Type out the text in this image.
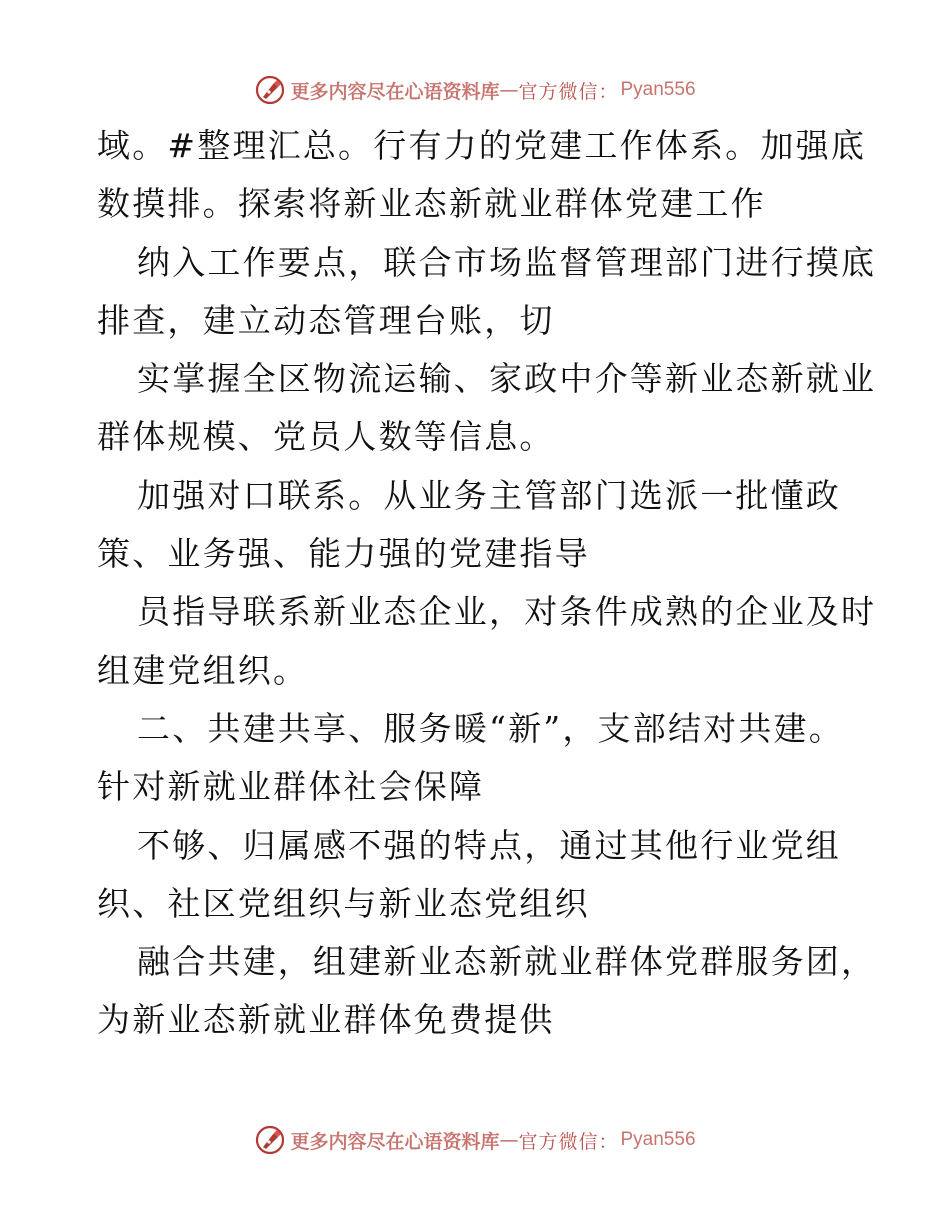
更多内容尽在心语资料库 — 官方微信： Pyan556
域。#整理汇总。行有力的党建工作体系。加强底
数摸排。探索将新业态新就业群体党建工作
纳入工作要点，联合市场监督管理部门进行摸底
排查，建立动态管理台账，切
实掌握全区物流运输、家政中介等新业态新就业
群体规模、党员人数等信息。
加强对口联系。从业务主管部门选派一批懂政
策、业务强、能力强的党建指导
员指导联系新业态企业，对条件成熟的企业及时
组建党组织。
二、共建共享、服务暖“新”，支部结对共建。
针对新就业群体社会保障
不够、归属感不强的特点，通过其他行业党组
织、社区党组织与新业态党组织
融合共建，组建新业态新就业群体党群服务团，
为新业态新就业群体免费提供
更多内容尽在心语资料库 — 官方微信： Pyan556
